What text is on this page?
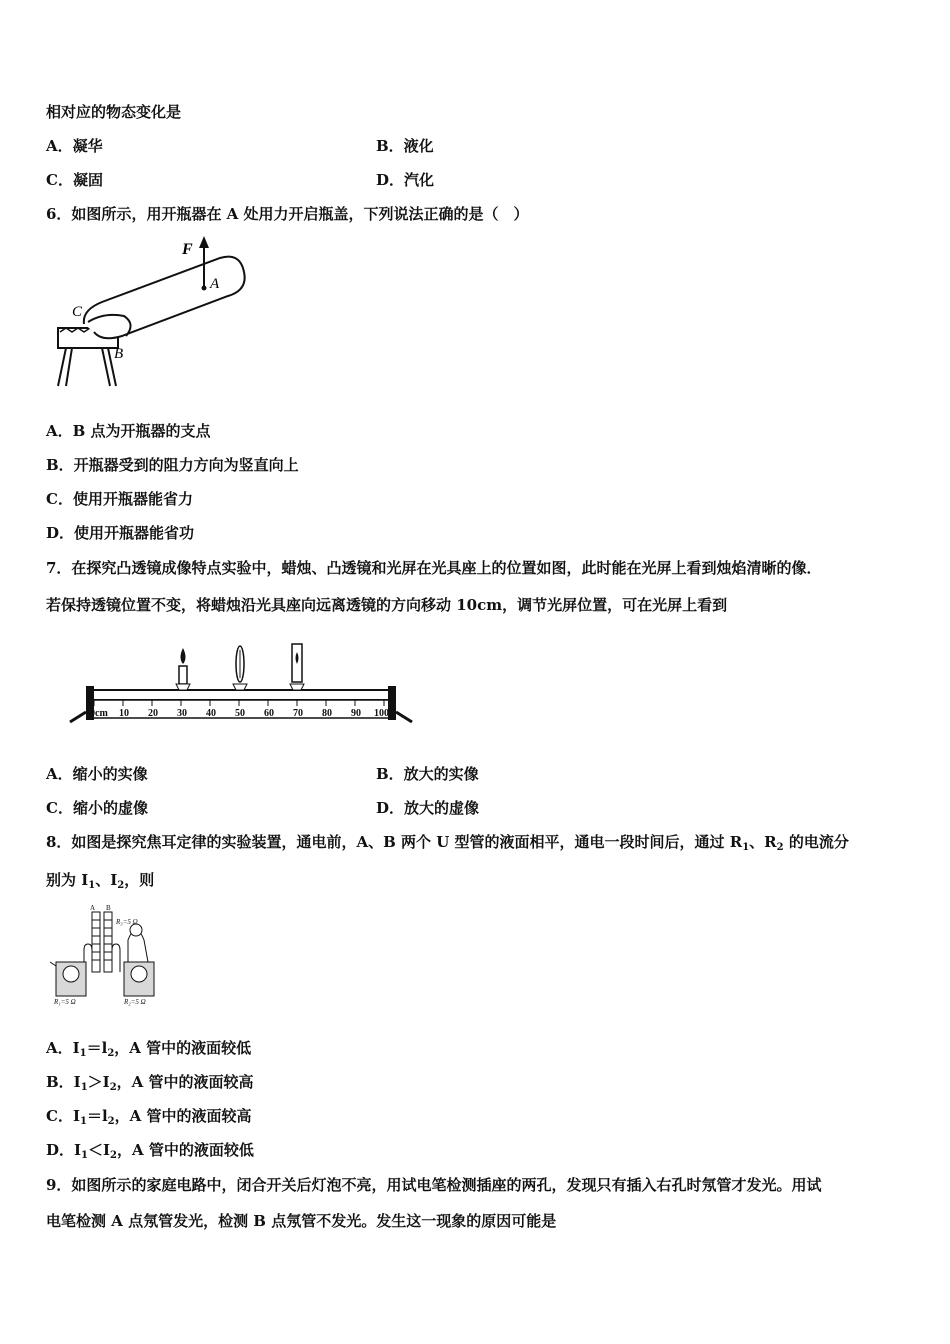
相对应的物态变化是
A．凝华	B．液化
C．凝固	D．汽化
6．如图所示，用开瓶器在 A 处用力开启瓶盖，下列说法正确的是（　）
F
A
B
C
A．B 点为开瓶器的支点
B．开瓶器受到的阻力方向为竖直向上
C．使用开瓶器能省力
D．使用开瓶器能省功
7．在探究凸透镜成像特点实验中，蜡烛、凸透镜和光屏在光具座上的位置如图，此时能在光屏上看到烛焰清晰的像．
若保持透镜位置不变，将蜡烛沿光具座向远离透镜的方向移动 10cm，调节光屏位置，可在光屏上看到
0cm 10 20 30 40 50 60 70 80 90 100
A．缩小的实像	B．放大的实像
C．缩小的虚像	D．放大的虚像
8．如图是探究焦耳定律的实验装置，通电前，A、B 两个 U 型管的液面相平，通电一段时间后，通过 $R_1$、$R_2$ 的电流分
别为 $I_1$、$I_2$，则
A B
R₃=5 Ω
R₁=5 Ω	R₂=5 Ω
A．$I_1=l_2$，A 管中的液面较低
B．$I_1>I_2$，A 管中的液面较高
C．$I_1=l_2$，A 管中的液面较高
D．$I_1<I_2$，A 管中的液面较低
9．如图所示的家庭电路中，闭合开关后灯泡不亮，用试电笔检测插座的两孔，发现只有插入右孔时氖管才发光。用试
电笔检测 A 点氖管发光，检测 B 点氖管不发光。发生这一现象的原因可能是
